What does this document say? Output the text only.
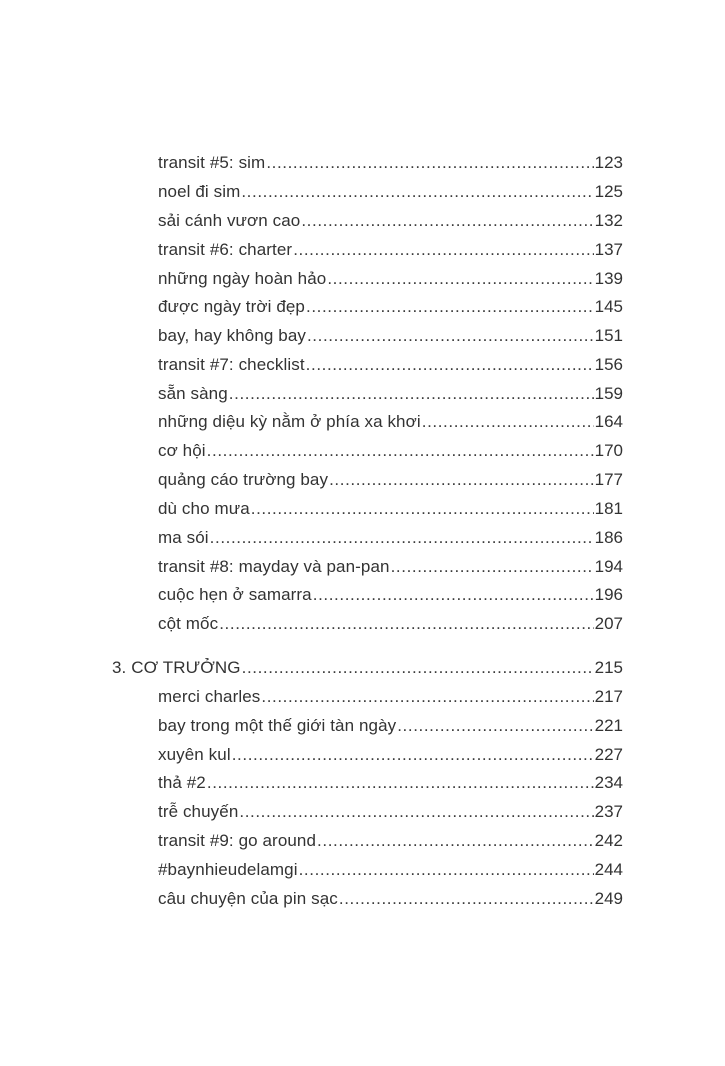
transit #5: sim .....	123
noel đi sim .....	125
sải cánh vươn cao .....	132
transit #6: charter .....	137
những ngày hoàn hảo .....	139
được ngày trời đẹp .....	145
bay, hay không bay .....	151
transit #7: checklist .....	156
sẵn sàng .....	159
những diệu kỳ nằm ở phía xa khơi .....	164
cơ hội .....	170
quảng cáo trường bay .....	177
dù cho mưa .....	181
ma sói .....	186
transit #8: mayday và pan-pan .....	194
cuộc hẹn ở samarra .....	196
cột mốc .....	207
3. CƠ TRƯỞNG .....	215
merci charles .....	217
bay trong một thế giới tàn ngày .....	221
xuyên kul .....	227
thả #2 .....	234
trễ chuyến .....	237
transit #9: go around .....	242
#baynhieudelamgi .....	244
câu chuyện của pin sạc .....	249
